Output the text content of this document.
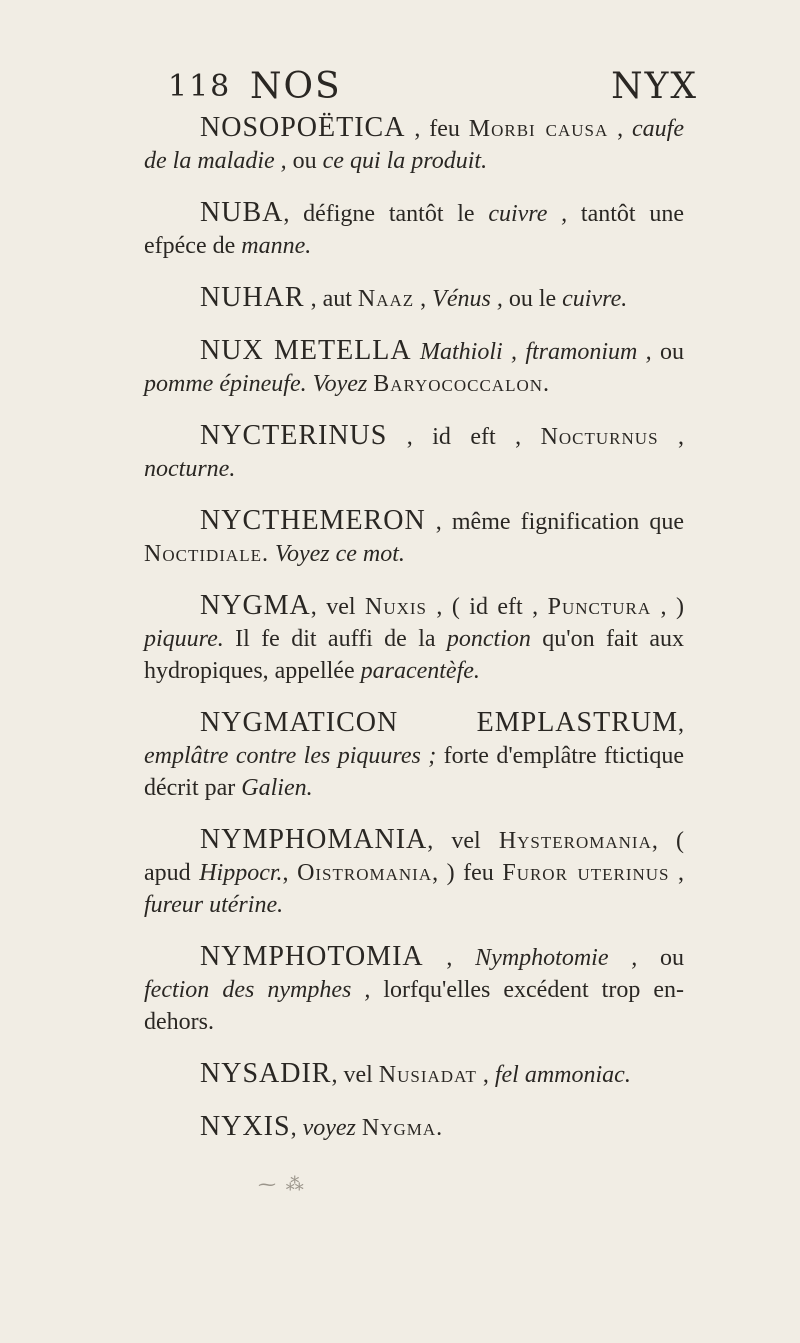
118 NOS	NYX

NOSOPOËTICA , feu Morbi causa , caufe de la maladie , ou ce qui la produit.

NUBA, défigne tantôt le cuivre , tantôt une efpéce de manne.

NUHAR , aut Naaz , Vénus , ou le cuivre.

NUX METELLA Mathioli , ftramonium , ou pomme épineufe. Voyez Baryococcalon.

NYCTERINUS , id eft , Nocturnus , nocturne.

NYCTHEMERON , même fignification que Noctidiale. Voyez ce mot.

NYGMA, vel Nuxis , ( id eft , Punctura , ) piquure. Il fe dit auffi de la ponction qu'on fait aux hydropiques, appellée paracentèfe.

NYGMATICON EMPLASTRUM, emplâtre contre les piquures ; forte d'emplâtre ftictique décrit par Galien.

NYMPHOMANIA, vel Hysteromania, ( apud Hippocr., Oistromania, ) feu Furor uterinus , fureur utérine.

NYMPHOTOMIA , Nymphotomie , ou fection des nymphes , lorfqu'elles excédent trop en-dehors.

NYSADIR, vel Nusiadat , fel ammoniac.

NYXIS, voyez Nygma.

⁓ ⁂
